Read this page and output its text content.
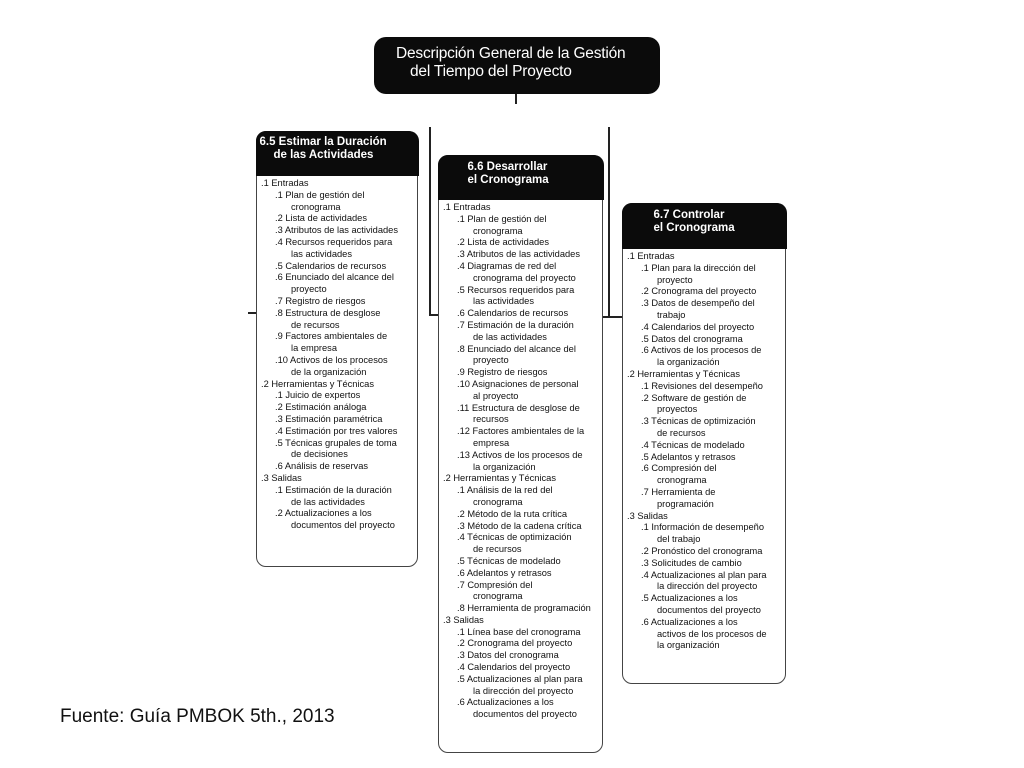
Descripción General de la Gestión
del Tiempo del Proyecto
6.5 Estimar la Duración
de las Actividades
.1 Entradas
.1 Plan de gestión del
cronograma
.2 Lista de actividades
.3 Atributos de las actividades
.4 Recursos requeridos para
las actividades
.5 Calendarios de recursos
.6 Enunciado del alcance del
proyecto
.7 Registro de riesgos
.8 Estructura de desglose
de recursos
.9 Factores ambientales de
la empresa
.10 Activos de los procesos
de la organización
.2 Herramientas y Técnicas
.1 Juicio de expertos
.2 Estimación análoga
.3 Estimación paramétrica
.4 Estimación por tres valores
.5 Técnicas grupales de toma
de decisiones
.6 Análisis de reservas
.3 Salidas
.1 Estimación de la duración
de las actividades
.2 Actualizaciones a los
documentos del proyecto
6.6 Desarrollar
el Cronograma
.1 Entradas
.1 Plan de gestión del
cronograma
.2 Lista de actividades
.3 Atributos de las actividades
.4 Diagramas de red del
cronograma del proyecto
.5 Recursos requeridos para
las actividades
.6 Calendarios de recursos
.7 Estimación de la duración
de las actividades
.8 Enunciado del alcance del
proyecto
.9 Registro de riesgos
.10 Asignaciones de personal
al proyecto
.11 Estructura de desglose de
recursos
.12 Factores ambientales de la
empresa
.13 Activos de los procesos de
la organización
.2 Herramientas y Técnicas
.1 Análisis de la red del
cronograma
.2 Método de la ruta crítica
.3 Método de la cadena crítica
.4 Técnicas de optimización
de recursos
.5 Técnicas de modelado
.6 Adelantos y retrasos
.7 Compresión del
cronograma
.8 Herramienta de programación
.3 Salidas
.1 Línea base del cronograma
.2 Cronograma del proyecto
.3 Datos del cronograma
.4 Calendarios del proyecto
.5 Actualizaciones al plan para
la dirección del proyecto
.6 Actualizaciones a los
documentos del proyecto
6.7 Controlar
el Cronograma
.1 Entradas
.1 Plan para la dirección del
proyecto
.2 Cronograma del proyecto
.3 Datos de desempeño del
trabajo
.4 Calendarios del proyecto
.5 Datos del cronograma
.6 Activos de los procesos de
la organización
.2 Herramientas y Técnicas
.1 Revisiones del desempeño
.2 Software de gestión de
proyectos
.3 Técnicas de optimización
de recursos
.4 Técnicas de modelado
.5 Adelantos y retrasos
.6 Compresión del
cronograma
.7 Herramienta de
programación
.3 Salidas
.1 Información de desempeño
del trabajo
.2 Pronóstico del cronograma
.3 Solicitudes de cambio
.4 Actualizaciones al plan para
la dirección del proyecto
.5 Actualizaciones a los
documentos del proyecto
.6 Actualizaciones a los
activos de los procesos de
la organización
Fuente: Guía PMBOK 5th., 2013
